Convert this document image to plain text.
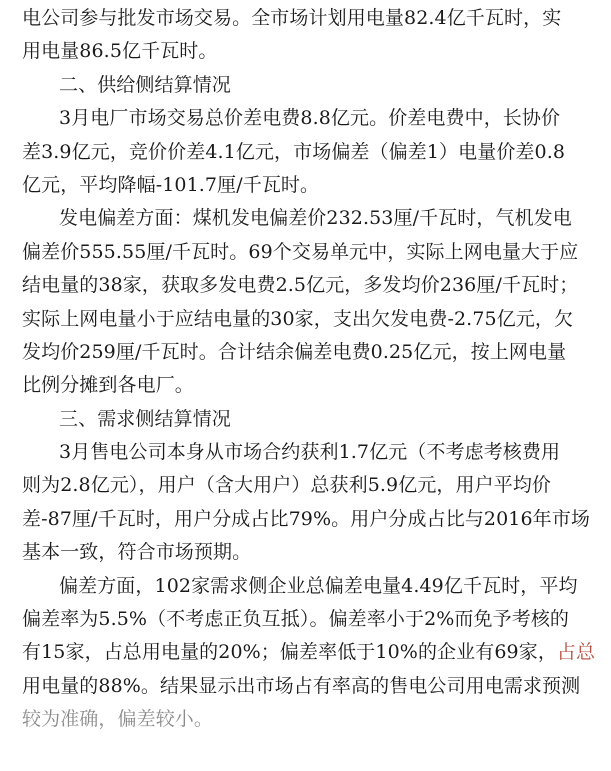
电公司参与批发市场交易。全市场计划用电量82.4亿千瓦时，实
用电量86.5亿千瓦时。
二、供给侧结算情况
3月电厂市场交易总价差电费8.8亿元。价差电费中，长协价
差3.9亿元，竞价价差4.1亿元，市场偏差（偏差1）电量价差0.8
亿元，平均降幅-101.7厘/千瓦时。
发电偏差方面：煤机发电偏差价232.53厘/千瓦时，气机发电
偏差价555.55厘/千瓦时。69个交易单元中，实际上网电量大于应
结电量的38家，获取多发电费2.5亿元，多发均价236厘/千瓦时；
实际上网电量小于应结电量的30家，支出欠发电费-2.75亿元，欠
发均价259厘/千瓦时。合计结余偏差电费0.25亿元，按上网电量
比例分摊到各电厂。
三、需求侧结算情况
3月售电公司本身从市场合约获利1.7亿元（不考虑考核费用
则为2.8亿元），用户（含大用户）总获利5.9亿元，用户平均价
差-87厘/千瓦时，用户分成占比79%。用户分成占比与2016年市场
基本一致，符合市场预期。
偏差方面，102家需求侧企业总偏差电量4.49亿千瓦时，平均
偏差率为5.5%（不考虑正负互抵）。偏差率小于2%而免予考核的
有15家，占总用电量的20%；偏差率低于10%的企业有69家，占总
用电量的88%。结果显示出市场占有率高的售电公司用电需求预测
较为准确，偏差较小。
